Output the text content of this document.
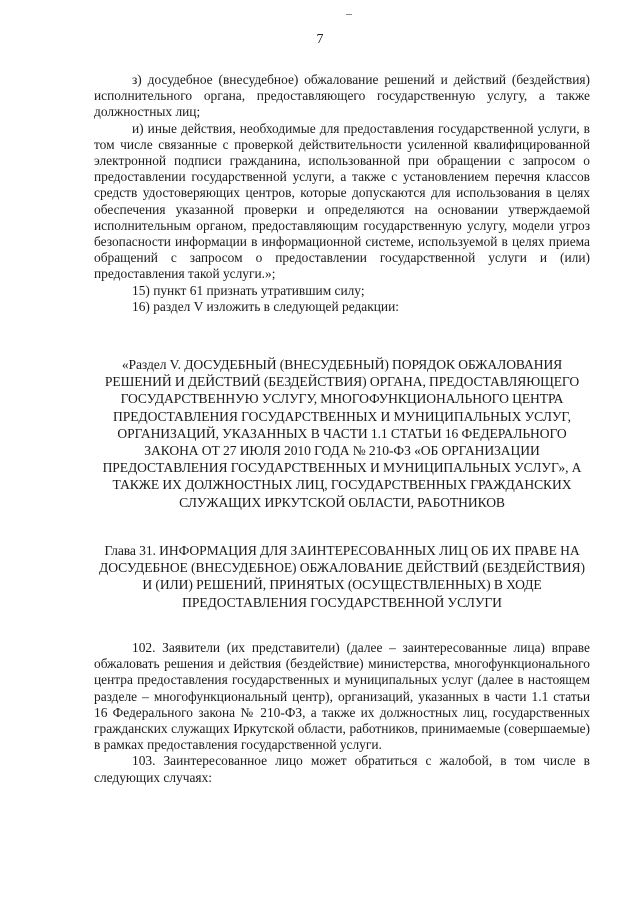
7

з) досудебное (внесудебное) обжалование решений и действий (бездействия) исполнительного органа, предоставляющего государственную услугу, а также должностных лиц;

и) иные действия, необходимые для предоставления государственной услуги, в том числе связанные с проверкой действительности усиленной квалифицированной электронной подписи гражданина, использованной при обращении с запросом о предоставлении государственной услуги, а также с установлением перечня классов средств удостоверяющих центров, которые допускаются для использования в целях обеспечения указанной проверки и определяются на основании утверждаемой исполнительным органом, предоставляющим государственную услугу, модели угроз безопасности информации в информационной системе, используемой в целях приема обращений с запросом о предоставлении государственной услуги и (или) предоставления такой услуги.»;

15) пункт 61 признать утратившим силу;

16) раздел V изложить в следующей редакции:

«Раздел V. ДОСУДЕБНЫЙ (ВНЕСУДЕБНЫЙ) ПОРЯДОК ОБЖАЛОВАНИЯ РЕШЕНИЙ И ДЕЙСТВИЙ (БЕЗДЕЙСТВИЯ) ОРГАНА, ПРЕДОСТАВЛЯЮЩЕГО ГОСУДАРСТВЕННУЮ УСЛУГУ, МНОГОФУНКЦИОНАЛЬНОГО ЦЕНТРА ПРЕДОСТАВЛЕНИЯ ГОСУДАРСТВЕННЫХ И МУНИЦИПАЛЬНЫХ УСЛУГ, ОРГАНИЗАЦИЙ, УКАЗАННЫХ В ЧАСТИ 1.1 СТАТЬИ 16 ФЕДЕРАЛЬНОГО ЗАКОНА ОТ 27 ИЮЛЯ 2010 ГОДА № 210-ФЗ «ОБ ОРГАНИЗАЦИИ ПРЕДОСТАВЛЕНИЯ ГОСУДАРСТВЕННЫХ И МУНИЦИПАЛЬНЫХ УСЛУГ», А ТАКЖЕ ИХ ДОЛЖНОСТНЫХ ЛИЦ, ГОСУДАРСТВЕННЫХ ГРАЖДАНСКИХ СЛУЖАЩИХ ИРКУТСКОЙ ОБЛАСТИ, РАБОТНИКОВ

Глава 31. ИНФОРМАЦИЯ ДЛЯ ЗАИНТЕРЕСОВАННЫХ ЛИЦ ОБ ИХ ПРАВЕ НА ДОСУДЕБНОЕ (ВНЕСУДЕБНОЕ) ОБЖАЛОВАНИЕ ДЕЙСТВИЙ (БЕЗДЕЙСТВИЯ) И (ИЛИ) РЕШЕНИЙ, ПРИНЯТЫХ (ОСУЩЕСТВЛЕННЫХ) В ХОДЕ ПРЕДОСТАВЛЕНИЯ ГОСУДАРСТВЕННОЙ УСЛУГИ

102. Заявители (их представители) (далее – заинтересованные лица) вправе обжаловать решения и действия (бездействие) министерства, многофункционального центра предоставления государственных и муниципальных услуг (далее в настоящем разделе – многофункциональный центр), организаций, указанных в части 1.1 статьи 16 Федерального закона № 210-ФЗ, а также их должностных лиц, государственных гражданских служащих Иркутской области, работников, принимаемые (совершаемые) в рамках предоставления государственной услуги.

103. Заинтересованное лицо может обратиться с жалобой, в том числе в следующих случаях:
